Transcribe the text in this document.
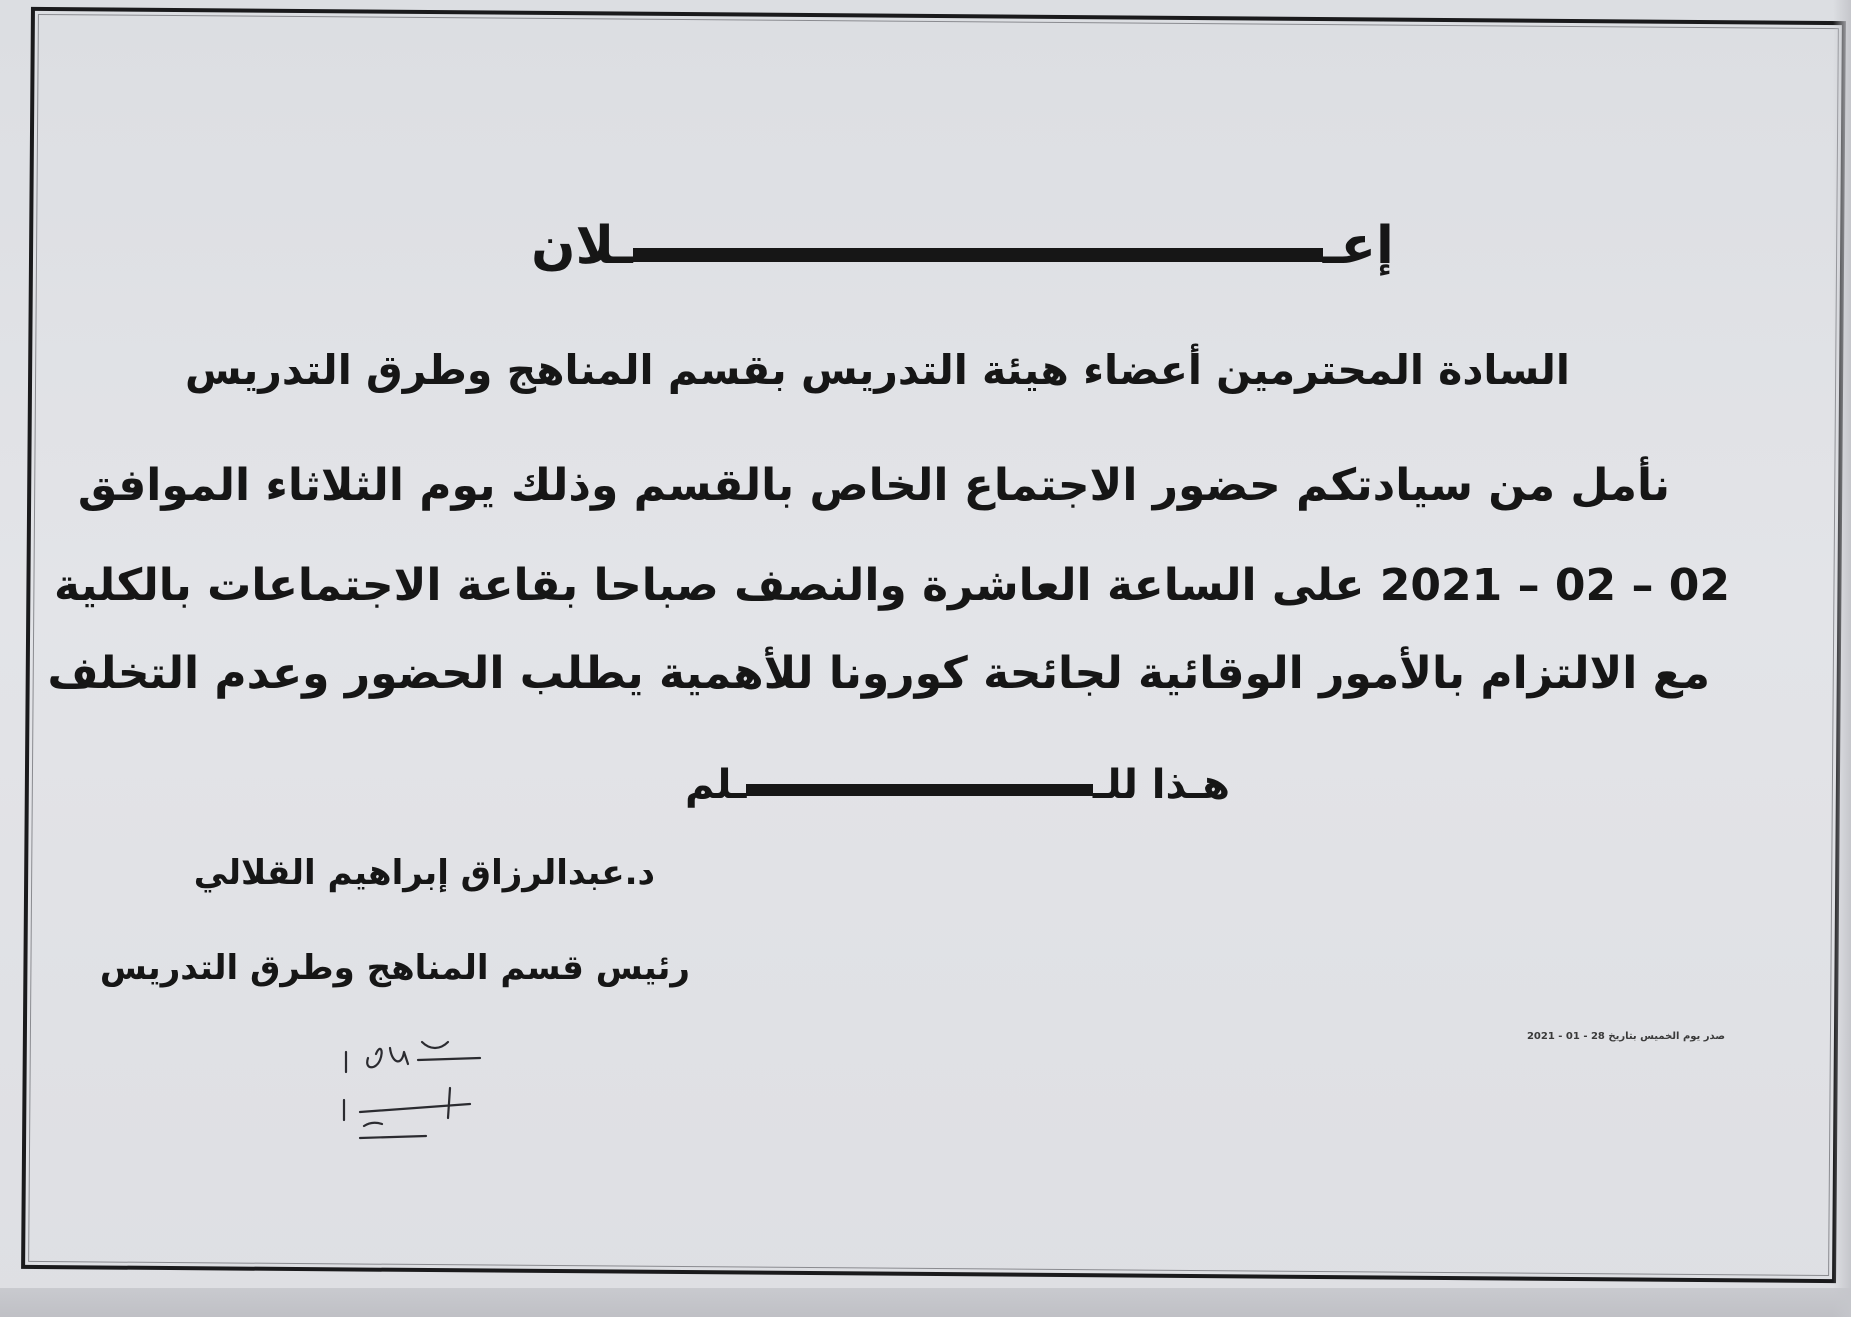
إعـ
ـلان
السادة المحترمين أعضاء هيئة التدريس بقسم المناهج وطرق التدريس
نأمل من سيادتكم حضور الاجتماع الخاص بالقسم وذلك يوم الثلاثاء الموافق
02 – 02 – 2021 على الساعة العاشرة والنصف صباحا بقاعة الاجتماعات بالكلية
مع الالتزام بالأمور الوقائية لجائحة كورونا للأهمية يطلب الحضور وعدم التخلف
هـذا للـ
ـلم
د.عبدالرزاق إبراهيم القلالي
رئيس قسم المناهج وطرق التدريس
صدر يوم الخميس بتاريخ 28 - 01 - 2021
